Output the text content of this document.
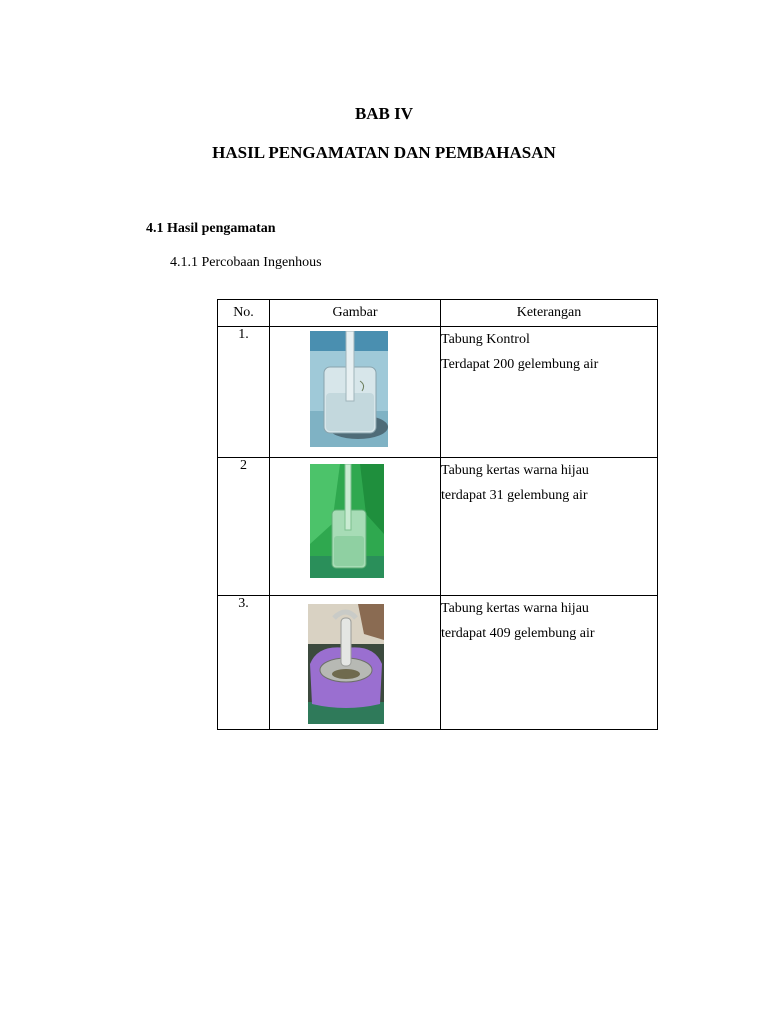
BAB IV
HASIL PENGAMATAN DAN PEMBAHASAN
4.1 Hasil pengamatan
4.1.1 Percobaan Ingenhous
No.	Gambar	Keterangan
1.		Tabung Kontrol
Terdapat 200 gelembung air

2		Tabung kertas warna hijau
terdapat 31 gelembung air

3.		Tabung kertas warna hijau
terdapat 409 gelembung air
